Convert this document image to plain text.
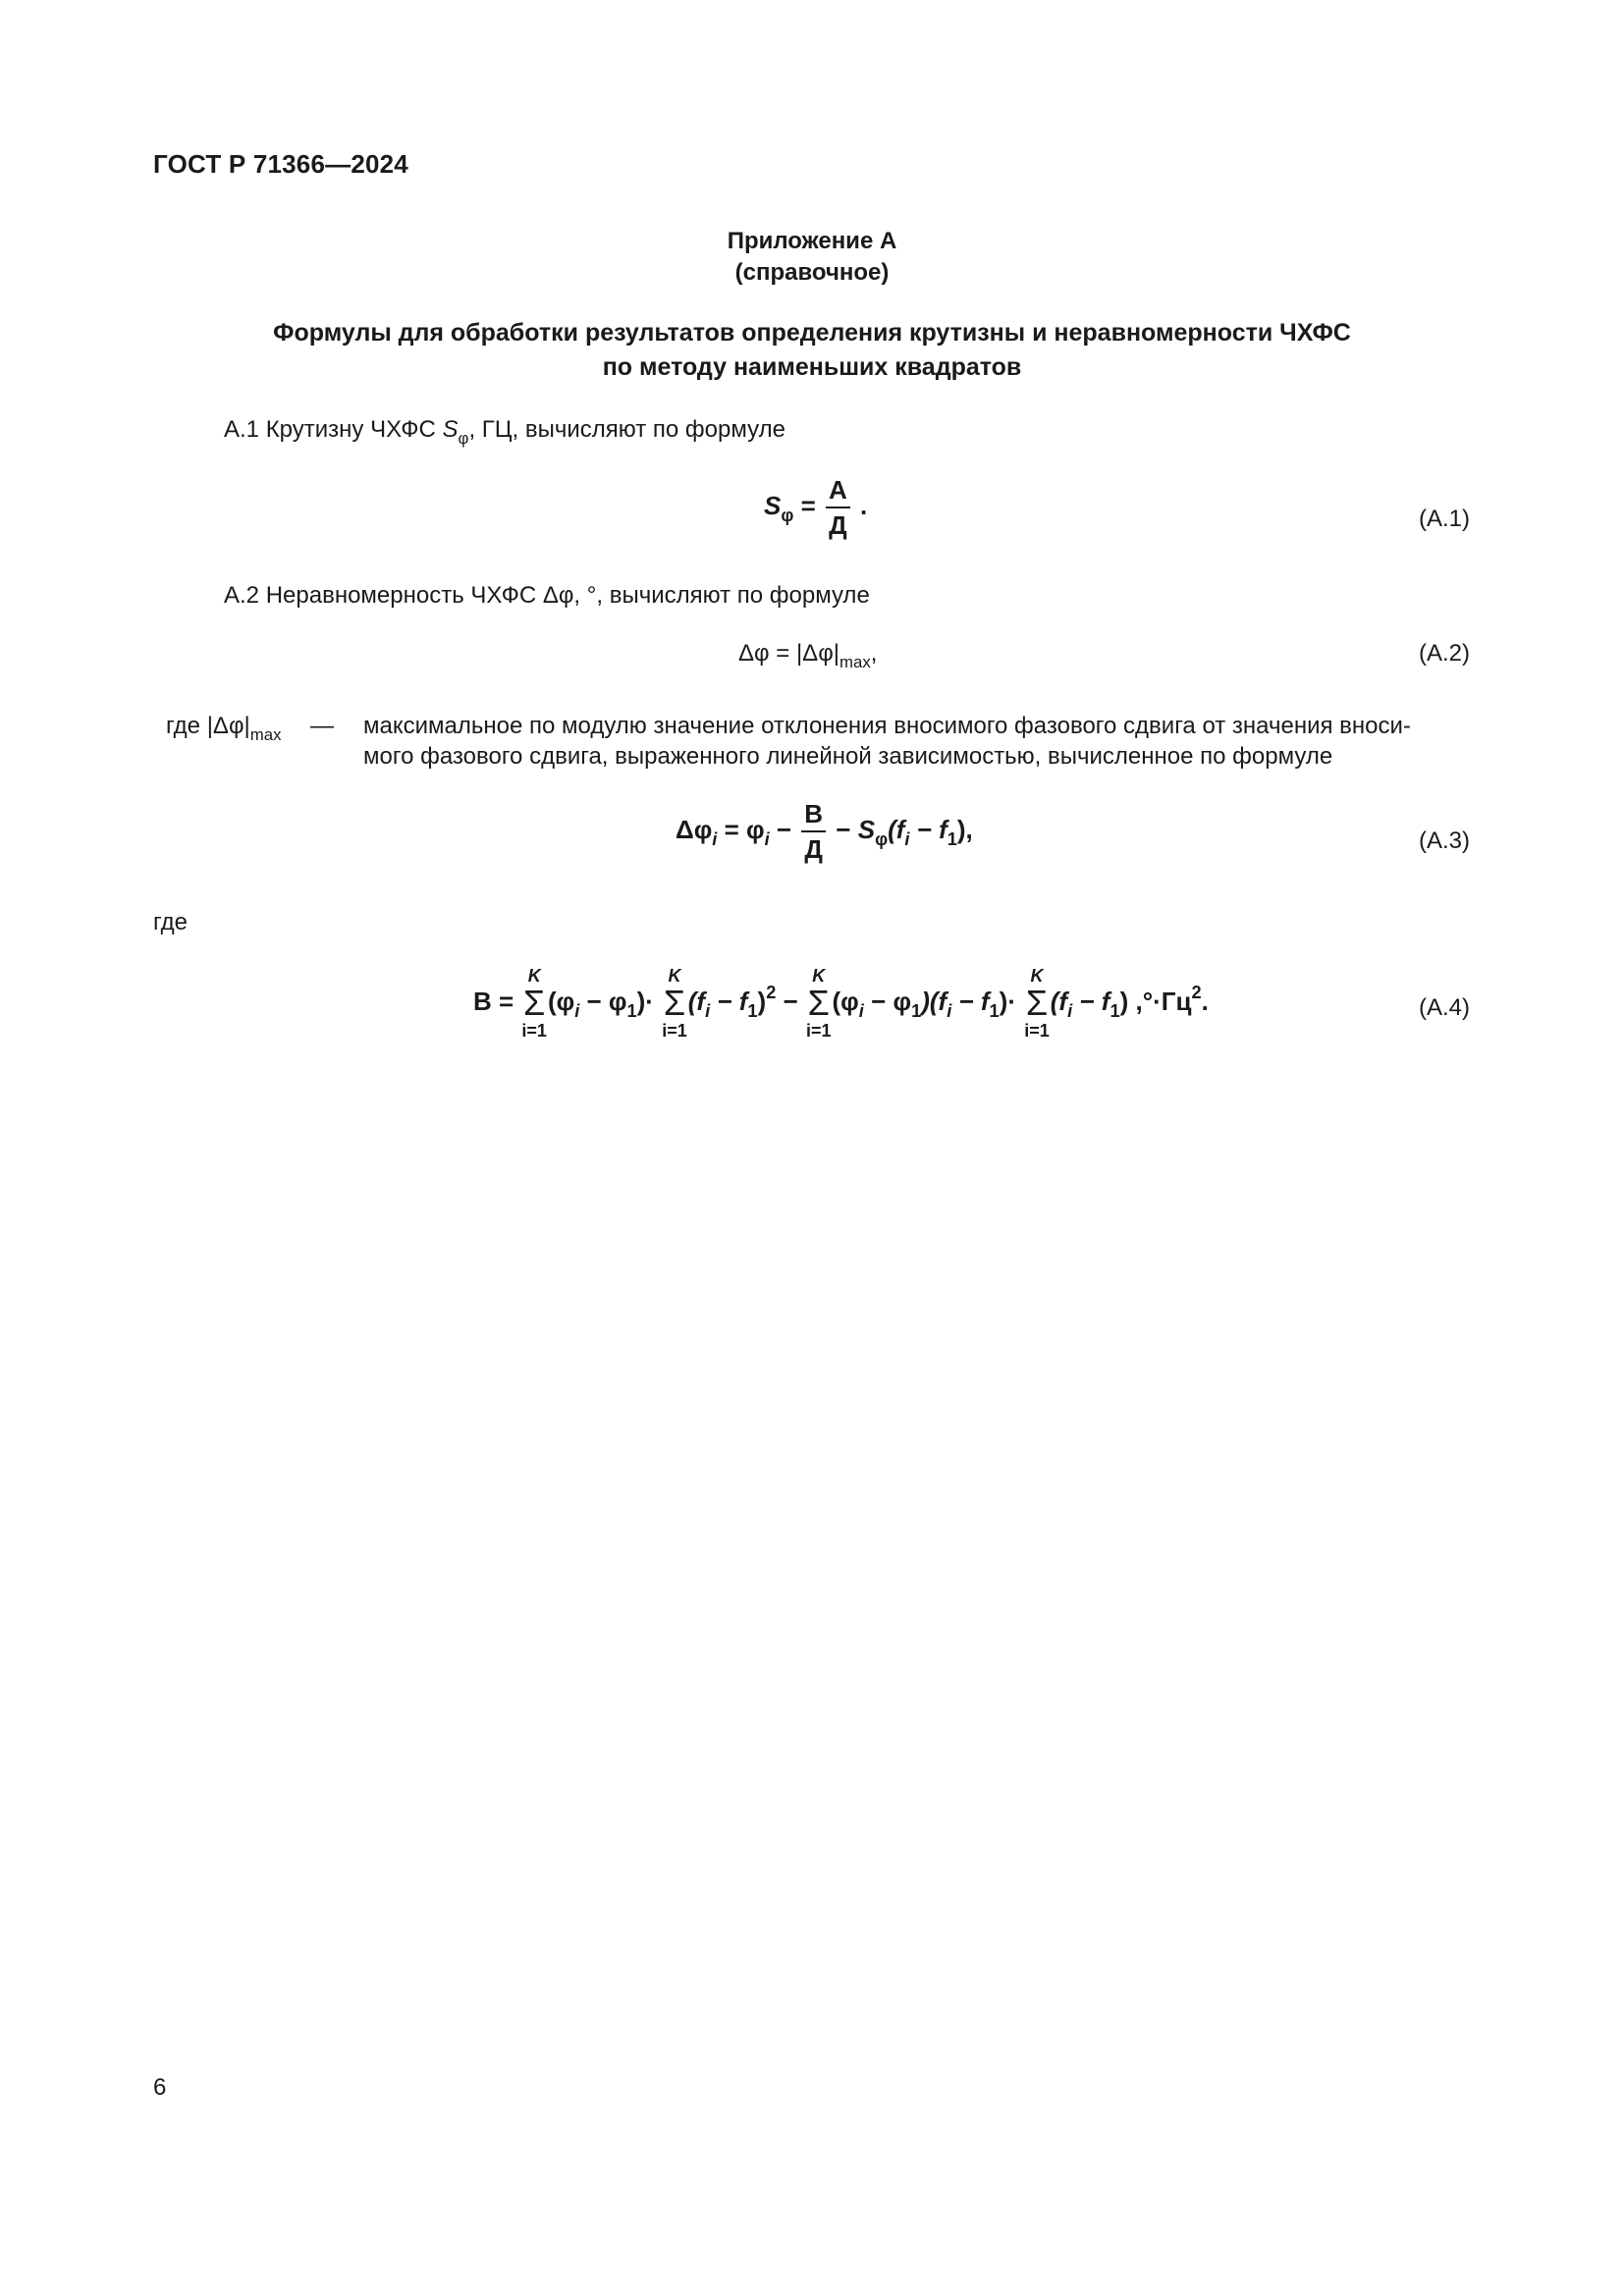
ГОСТ Р 71366—2024
Приложение А
(справочное)
Формулы для обработки результатов определения крутизны и неравномерности ЧХФС
по методу наименьших квадратов
А.1 Крутизну ЧХФС $S_\varphi$, ГЦ, вычисляют по формуле
$S_\varphi = \frac{А}{Д}$ .	(А.1)
А.2 Неравномерность ЧХФС Δφ, °, вычисляют по формуле
$\Delta\varphi = |\Delta\varphi|_{max}$,	(А.2)
где $|\Delta\varphi|_{max}$ — максимальное по модулю значение отклонения вносимого фазового сдвига от значения вноси-
мого фазового сдвига, выраженного линейной зависимостью, вычисленное по формуле
$\Delta\varphi_i = \varphi_i - \frac{В}{Д} - S_\varphi(f_i - f_1)$,	(А.3)
где
В =
K
Σ
i=1
$(\varphi_i - \varphi_1)\cdot$
K
Σ
i=1
$(f_i - f_1)^2$ −
K
Σ
i=1
$(\varphi_i - \varphi_1)(f_i - f_1)\cdot$
K
Σ
i=1
$(f_i - f_1)$ $,^\circ\cdot Гц^2$.	(А.4)
6
